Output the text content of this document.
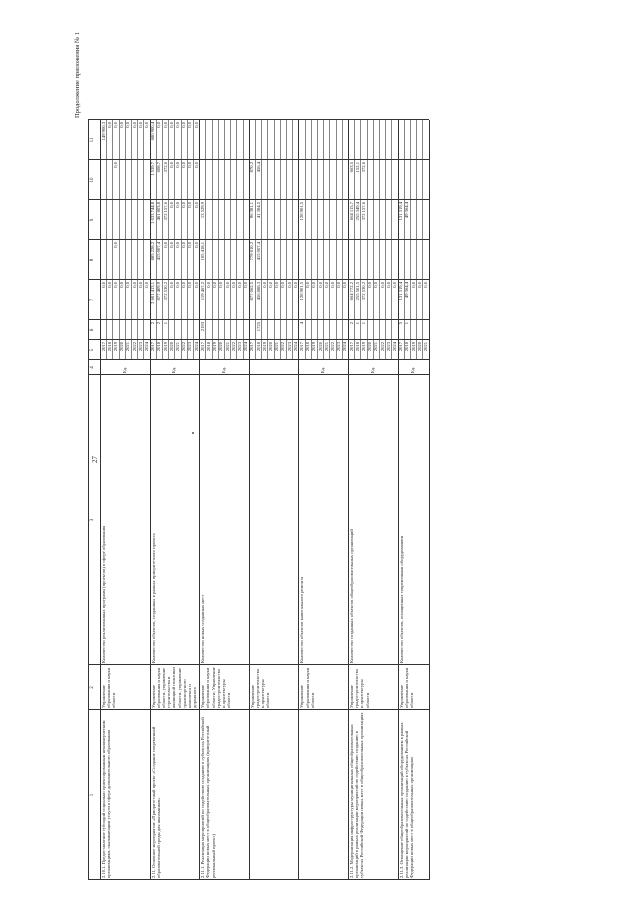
27
Продолжение приложения № 1
1
2
3
4
5
6
7
8
9
10
11
2.10.1. Предоставление субсидий социально ориентированным некоммерческим организациям, оказывающим услуги в сфере дополнительного образования
Управление образования и науки области
Количество реализованных программ (проектов) в сфере образования
Ед.
2017
0,0
149 900,3
2018
0,0
0,0
2019
0,0
0,0
0,0
0,0
2020
0,0
0,0
2021
0,0
0,0
2022
0,0
0,0
2023
0,0
0,0
2024
0,0
0,0
2.11. Основное мероприятие «Приоритетный проект «Создание современной образовательной среды для школьников»
Управление образования и науки области, управление строительства и жилищной политики области, управление транспортного комплекса и дорожного
Количество объектов, созданных в рамках приоритетного проекта
Ед.
2017
2
2 601 413,1
885 228,2
1 033 744,8
1 539,7
680 900,4
2018
2
877 409,9
415 007,4
461 803,8
608,7
0,0
2019
1
372 530,2
0,0
372 157,6
372,6
0,0
2020
0,0
0,0
0,0
0,0
0,0
2021
0,0
0,0
0,0
0,0
0,0
2022
0,0
0,0
0,0
0,0
0,0
2023
0,0
0,0
0,0
0,0
0,0
2024
0,0
0,0
0,0
0,0
0,0
2.11.1. Реализация мероприятий по содействию созданию в субъектах Российской Федерации новых мест в общеобразовательных организациях (приоритетный региональный проект)
Управление образования и науки области; Управление градостроительства и архитектуры области
Количество новых созданных мест
Ед.
2017
2193
119 467,2
105 418,1
13 529,9
2018
0,0
2019
0,0
2020
0,0
2021
0,0
2022
0,0
2023
0,0
2024
0,0
Управление градостроительства и архитектуры области
2017
877 062,5
779 810,2
96 381,1
870,2
2018
1725
456 888,3
415 007,4
41 384,5
456,4
2019
0,0
2020
0,0
2021
0,0
2022
0,0
2023
0,0
2024
0,0
Управление образования и науки области
Количество объектов капитального ремонта
Ед.
2017
4
128 901,5
128 901,5
2018
0,0
2019
0,0
2020
0,0
2021
0,0
2022
0,0
2023
0,0
2024
0,0
2.11.2. Модернизация инфраструктуры муниципальных общеобразовательных организаций в рамках реализации мероприятий по содействию созданию в субъектах Российской Федерации новых мест в общеобразовательных организациях
Управление градостроительства и архитектуры области
Количество созданных объектов общеобразовательных организаций
Ед.
2017
2
664 772,2
664 115,7
663,5
2018
1
255 501,5
255 349,4
152,1
2019
1
372 530,2
372 157,6
372,6
2020
0,0
2021
0,0
2022
0,0
2023
0,0
2024
0,0
2.11.3. Оснащение общеобразовательных организаций оборудованием в рамках реализации мероприятий по содействию созданию в субъектах Российской Федерации новых мест в общеобразовательных организациях
Управление образования и науки области
Количество объектов, оснащенных современным оборудованием
Ед.
2017
5
131 319,4
131 319,4
2018
1
49 364,4
49 364,4
2019
0,0
2020
0,0
2021
0,0
